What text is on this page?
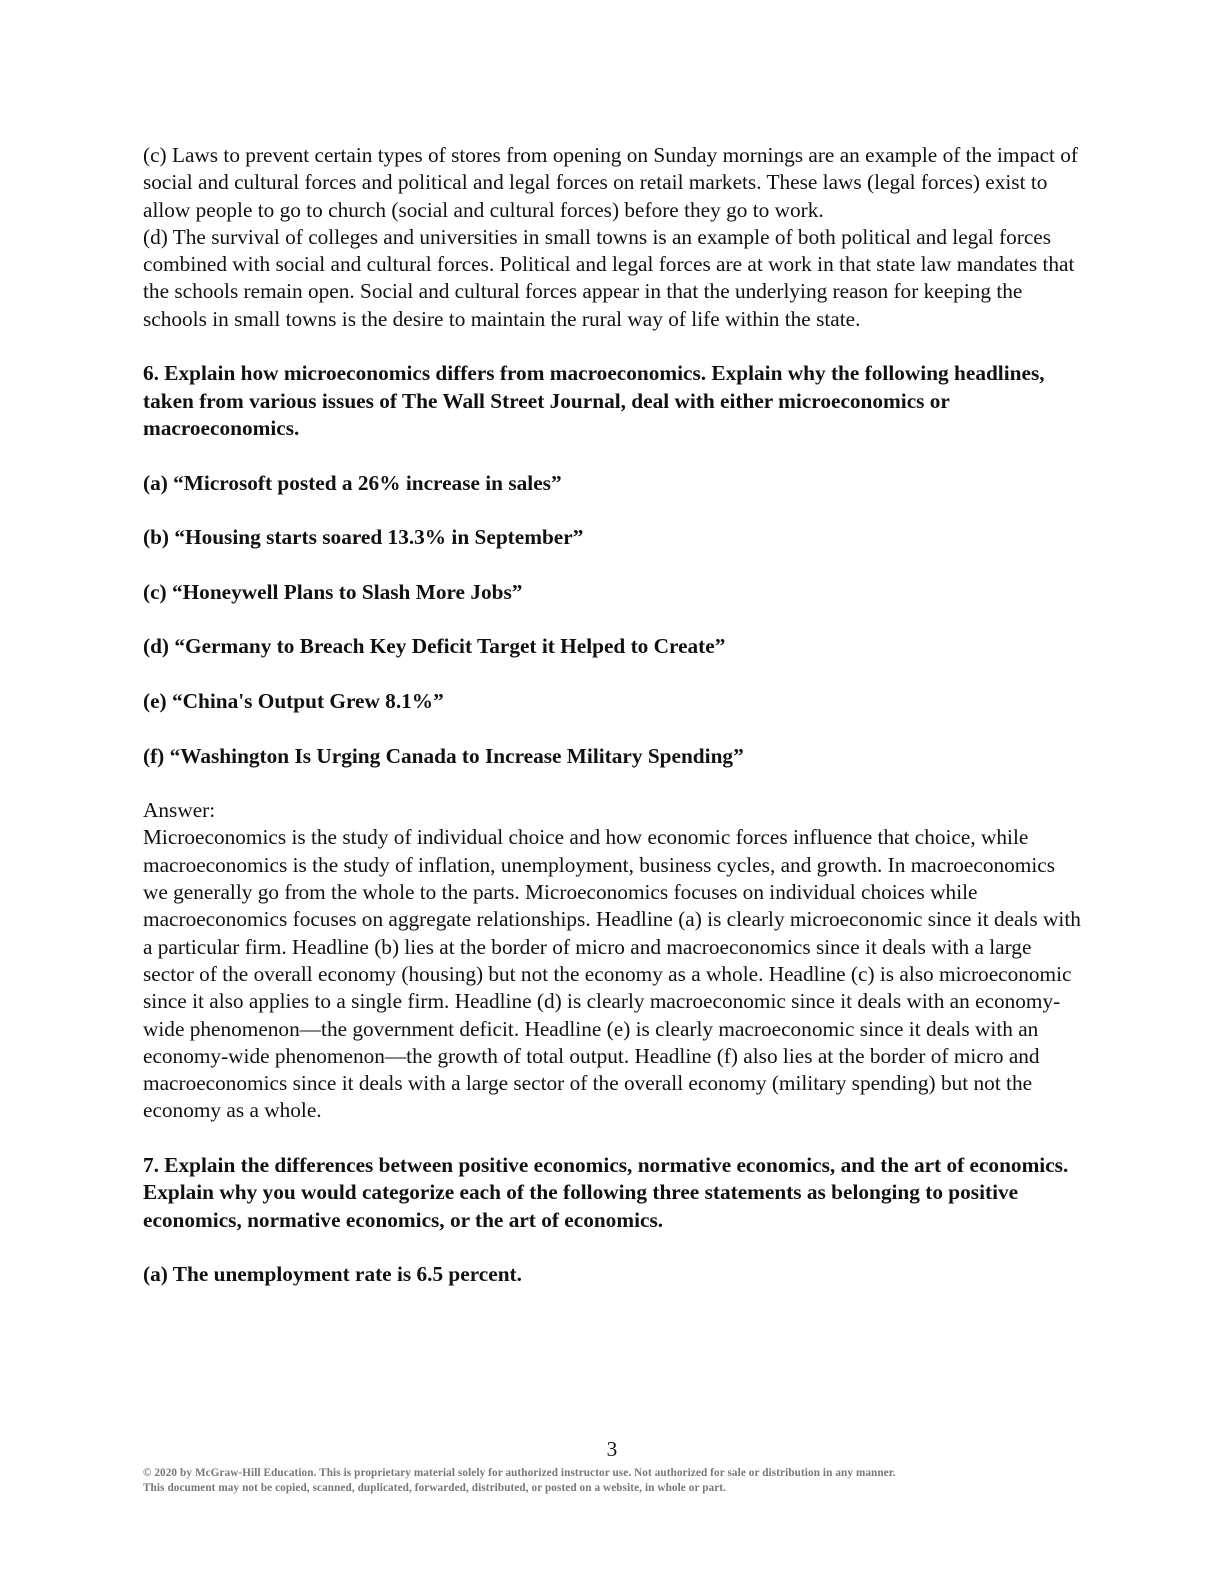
(c) Laws to prevent certain types of stores from opening on Sunday mornings are an example of the impact of social and cultural forces and political and legal forces on retail markets. These laws (legal forces) exist to allow people to go to church (social and cultural forces) before they go to work.

(d) The survival of colleges and universities in small towns is an example of both political and legal forces combined with social and cultural forces. Political and legal forces are at work in that state law mandates that the schools remain open. Social and cultural forces appear in that the underlying reason for keeping the schools in small towns is the desire to maintain the rural way of life within the state.

6. Explain how microeconomics differs from macroeconomics. Explain why the following headlines, taken from various issues of The Wall Street Journal, deal with either microeconomics or macroeconomics.

(a) “Microsoft posted a 26% increase in sales”

(b) “Housing starts soared 13.3% in September”

(c) “Honeywell Plans to Slash More Jobs”

(d) “Germany to Breach Key Deficit Target it Helped to Create”

(e) “China's Output Grew 8.1%”

(f) “Washington Is Urging Canada to Increase Military Spending”

Answer:

Microeconomics is the study of individual choice and how economic forces influence that choice, while macroeconomics is the study of inflation, unemployment, business cycles, and growth. In macroeconomics we generally go from the whole to the parts. Microeconomics focuses on individual choices while macroeconomics focuses on aggregate relationships. Headline (a) is clearly microeconomic since it deals with a particular firm. Headline (b) lies at the border of micro and macroeconomics since it deals with a large sector of the overall economy (housing) but not the economy as a whole. Headline (c) is also microeconomic since it also applies to a single firm. Headline (d) is clearly macroeconomic since it deals with an economy-wide phenomenon—the government deficit. Headline (e) is clearly macroeconomic since it deals with an economy-wide phenomenon—the growth of total output. Headline (f) also lies at the border of micro and macroeconomics since it deals with a large sector of the overall economy (military spending) but not the economy as a whole.

7. Explain the differences between positive economics, normative economics, and the art of economics. Explain why you would categorize each of the following three statements as belonging to positive economics, normative economics, or the art of economics.

(a) The unemployment rate is 6.5 percent.

3
© 2020 by McGraw-Hill Education. This is proprietary material solely for authorized instructor use. Not authorized for sale or distribution in any manner.
This document may not be copied, scanned, duplicated, forwarded, distributed, or posted on a website, in whole or part.
